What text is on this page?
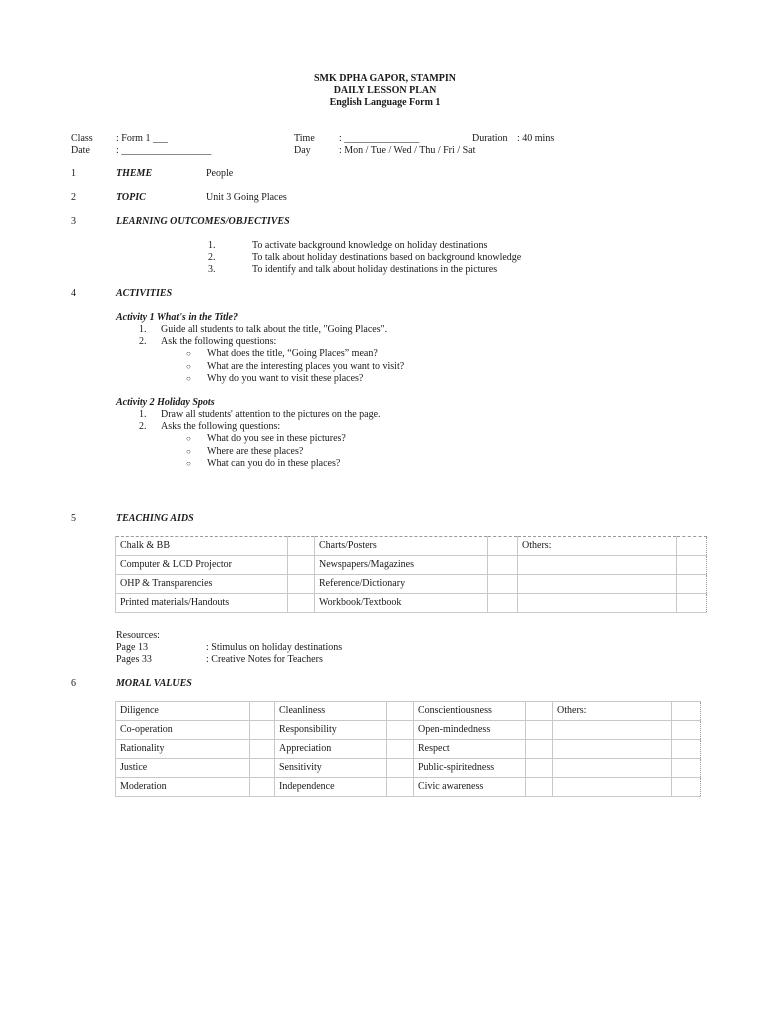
SMK DPHA GAPOR, STAMPIN
DAILY LESSON PLAN
English Language Form 1
Class : Form 1 ___
Date	: __________________
Time : _______________	Duration : 40 mins
Day	: Mon / Tue / Wed / Thu / Fri / Sat
1	THEME	People
2	TOPIC	Unit 3 Going Places
3	LEARNING OUTCOMES/OBJECTIVES
1.	To activate background knowledge on holiday destinations
2.	To talk about holiday destinations based on background knowledge
3.	To identify and talk about holiday destinations in the pictures
4	ACTIVITIES
Activity 1 What's in the Title?
1. Guide all students to talk about the title, "Going Places".
2. Ask the following questions:
○ What does the title, “Going Places” mean?
○ What are the interesting places you want to visit?
○ Why do you want to visit these places?
Activity 2 Holiday Spots
1. Draw all students' attention to the pictures on the page.
2. Asks the following questions:
○ What do you see in these pictures?
○ Where are these places?
○ What can you do in these places?
5	TEACHING AIDS
Chalk & BB		Charts/Posters		Others:	
Computer & LCD Projector		Newspapers/Magazines			
OHP & Transparencies		Reference/Dictionary			
Printed materials/Handouts		Workbook/Textbook			
Resources:
Page 13	: Stimulus on holiday destinations
Pages 33	: Creative Notes for Teachers
6	MORAL VALUES
Diligence		Cleanliness		Conscientiousness		Others:	
Co-operation		Responsibility		Open-mindedness			
Rationality		Appreciation		Respect			
Justice		Sensitivity		Public-spiritedness			
Moderation		Independence		Civic awareness			
